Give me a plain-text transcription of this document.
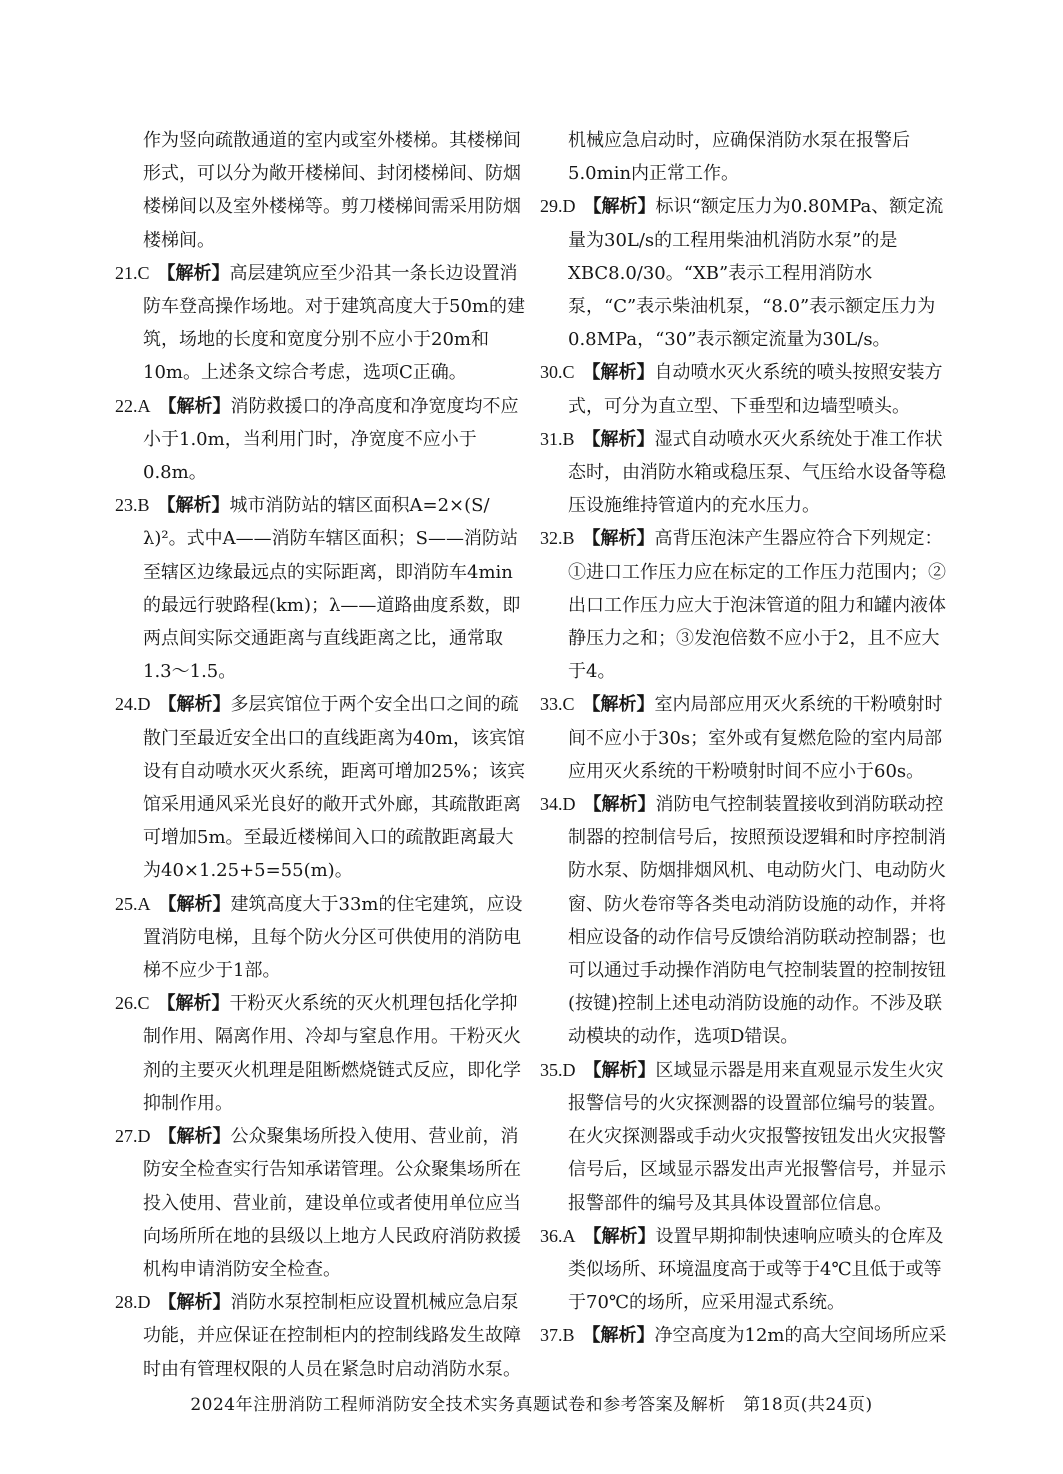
作为竖向疏散通道的室内或室外楼梯。其楼梯间形式，可以分为敞开楼梯间、封闭楼梯间、防烟楼梯间以及室外楼梯等。剪刀楼梯间需采用防烟楼梯间。

21.C 【解析】高层建筑应至少沿其一条长边设置消防车登高操作场地。对于建筑高度大于50m的建筑，场地的长度和宽度分别不应小于20m和10m。上述条文综合考虑，选项C正确。

22.A 【解析】消防救援口的净高度和净宽度均不应小于1.0m，当利用门时，净宽度不应小于0.8m。

23.B 【解析】城市消防站的辖区面积A=2×(S/λ)²。式中A——消防车辖区面积；S——消防站至辖区边缘最远点的实际距离，即消防车4min的最远行驶路程(km)；λ——道路曲度系数，即两点间实际交通距离与直线距离之比，通常取1.3～1.5。

24.D 【解析】多层宾馆位于两个安全出口之间的疏散门至最近安全出口的直线距离为40m，该宾馆设有自动喷水灭火系统，距离可增加25%；该宾馆采用通风采光良好的敞开式外廊，其疏散距离可增加5m。至最近楼梯间入口的疏散距离最大为40×1.25+5=55(m)。

25.A 【解析】建筑高度大于33m的住宅建筑，应设置消防电梯，且每个防火分区可供使用的消防电梯不应少于1部。

26.C 【解析】干粉灭火系统的灭火机理包括化学抑制作用、隔离作用、冷却与窒息作用。干粉灭火剂的主要灭火机理是阻断燃烧链式反应，即化学抑制作用。

27.D 【解析】公众聚集场所投入使用、营业前，消防安全检查实行告知承诺管理。公众聚集场所在投入使用、营业前，建设单位或者使用单位应当向场所所在地的县级以上地方人民政府消防救援机构申请消防安全检查。

28.D 【解析】消防水泵控制柜应设置机械应急启泵功能，并应保证在控制柜内的控制线路发生故障时由有管理权限的人员在紧急时启动消防水泵。

机械应急启动时，应确保消防水泵在报警后5.0min内正常工作。

29.D 【解析】标识“额定压力为0.80MPa、额定流量为30L/s的工程用柴油机消防水泵”的是XBC8.0/30。“XB”表示工程用消防水泵，“C”表示柴油机泵，“8.0”表示额定压力为0.8MPa，“30”表示额定流量为30L/s。

30.C 【解析】自动喷水灭火系统的喷头按照安装方式，可分为直立型、下垂型和边墙型喷头。

31.B 【解析】湿式自动喷水灭火系统处于准工作状态时，由消防水箱或稳压泵、气压给水设备等稳压设施维持管道内的充水压力。

32.B 【解析】高背压泡沫产生器应符合下列规定：①进口工作压力应在标定的工作压力范围内；②出口工作压力应大于泡沫管道的阻力和罐内液体静压力之和；③发泡倍数不应小于2，且不应大于4。

33.C 【解析】室内局部应用灭火系统的干粉喷射时间不应小于30s；室外或有复燃危险的室内局部应用灭火系统的干粉喷射时间不应小于60s。

34.D 【解析】消防电气控制装置接收到消防联动控制器的控制信号后，按照预设逻辑和时序控制消防水泵、防烟排烟风机、电动防火门、电动防火窗、防火卷帘等各类电动消防设施的动作，并将相应设备的动作信号反馈给消防联动控制器；也可以通过手动操作消防电气控制装置的控制按钮(按键)控制上述电动消防设施的动作。不涉及联动模块的动作，选项D错误。

35.D 【解析】区域显示器是用来直观显示发生火灾报警信号的火灾探测器的设置部位编号的装置。在火灾探测器或手动火灾报警按钮发出火灾报警信号后，区域显示器发出声光报警信号，并显示报警部件的编号及其具体设置部位信息。

36.A 【解析】设置早期抑制快速响应喷头的仓库及类似场所、环境温度高于或等于4℃且低于或等于70℃的场所，应采用湿式系统。

37.B 【解析】净空高度为12m的高大空间场所应采

2024年注册消防工程师消防安全技术实务真题试卷和参考答案及解析　第18页(共24页)
